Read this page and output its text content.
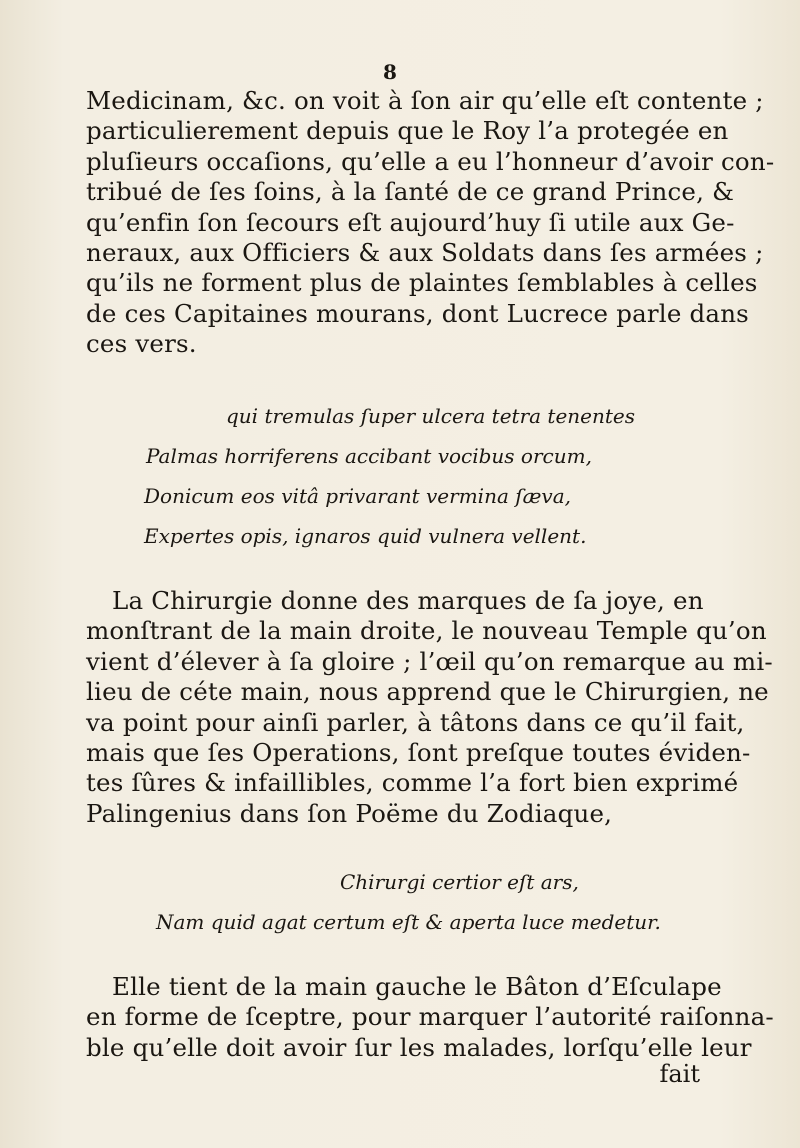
8
Medicinam, &c. on voit à ſon air qu’elle eſt contente ;
particulierement depuis que le Roy l’a protegée en
pluſieurs occaſions, qu’elle a eu l’honneur d’avoir con-
tribué de ſes ſoins, à la ſanté de ce grand Prince, &
qu’enfin ſon ſecours eſt aujourd’huy ſi utile aux Ge-
neraux, aux Officiers & aux Soldats dans ſes armées ;
qu’ils ne forment plus de plaintes ſemblables à celles
de ces Capitaines mourans, dont Lucrece parle dans
ces vers.
qui tremulas ſuper ulcera tetra tenentes
Palmas horriferens accibant vocibus orcum,
Donicum eos vitâ privarant vermina ſæva,
Expertes opis, ignaros quid vulnera vellent.
La Chirurgie donne des marques de ſa joye, en
monſtrant de la main droite, le nouveau Temple qu’on
vient d’élever à ſa gloire ; l’œil qu’on remarque au mi-
lieu de céte main, nous apprend que le Chirurgien, ne
va point pour ainſi parler, à tâtons dans ce qu’il fait,
mais que ſes Operations, ſont preſque toutes éviden-
tes ſûres & infaillibles, comme l’a fort bien exprimé
Palingenius dans ſon Poëme du Zodiaque,
Chirurgi certior eſt ars,
Nam quid agat certum eſt & aperta luce medetur.
Elle tient de la main gauche le Bâton d’Eſculape
en forme de ſceptre, pour marquer l’autorité raiſonna-
ble qu’elle doit avoir ſur les malades, lorſqu’elle leur
fait
